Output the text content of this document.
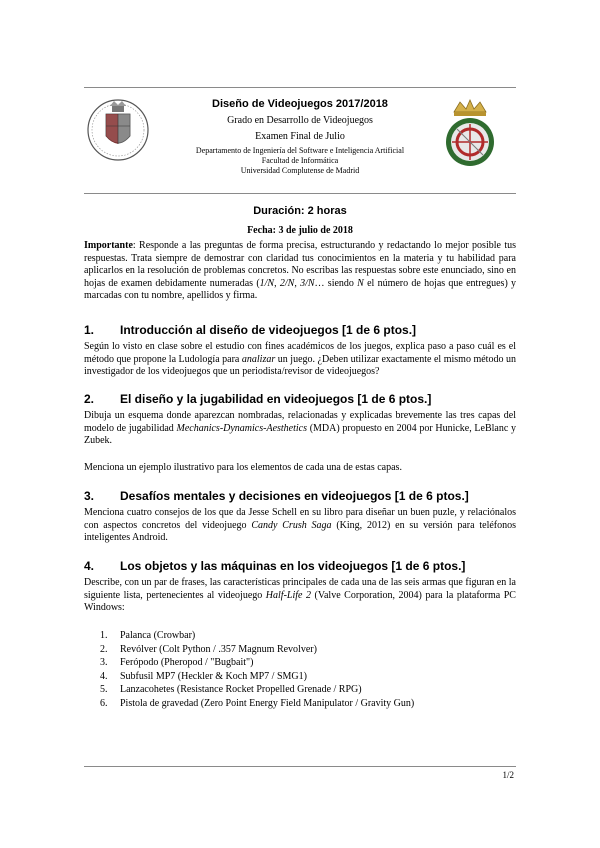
Diseño de Videojuegos 2017/2018
Grado en Desarrollo de Videojuegos
Examen Final de Julio
Departamento de Ingeniería del Software e Inteligencia Artificial
Facultad de Informática
Universidad Complutense de Madrid
Duración: 2 horas
Fecha: 3 de julio de 2018
Importante: Responde a las preguntas de forma precisa, estructurando y redactando lo mejor posible tus respuestas. Trata siempre de demostrar con claridad tus conocimientos en la materia y tu habilidad para aplicarlos en la resolución de problemas concretos. No escribas las respuestas sobre este enunciado, sino en hojas de examen debidamente numeradas (1/N, 2/N, 3/N… siendo N el número de hojas que entregues) y marcadas con tu nombre, apellidos y firma.
1. Introducción al diseño de videojuegos [1 de 6 ptos.]
Según lo visto en clase sobre el estudio con fines académicos de los juegos, explica paso a paso cuál es el método que propone la Ludología para analizar un juego. ¿Deben utilizar exactamente el mismo método un investigador de los videojuegos que un periodista/revisor de videojuegos?
2. El diseño y la jugabilidad en videojuegos [1 de 6 ptos.]
Dibuja un esquema donde aparezcan nombradas, relacionadas y explicadas brevemente las tres capas del modelo de jugabilidad Mechanics-Dynamics-Aesthetics (MDA) propuesto en 2004 por Hunicke, LeBlanc y Zubek.
Menciona un ejemplo ilustrativo para los elementos de cada una de estas capas.
3. Desafíos mentales y decisiones en videojuegos [1 de 6 ptos.]
Menciona cuatro consejos de los que da Jesse Schell en su libro para diseñar un buen puzle, y relaciónalos con aspectos concretos del videojuego Candy Crush Saga (King, 2012) en su versión para teléfonos inteligentes Android.
4. Los objetos y las máquinas en los videojuegos [1 de 6 ptos.]
Describe, con un par de frases, las características principales de cada una de las seis armas que figuran en la siguiente lista, pertenecientes al videojuego Half-Life 2 (Valve Corporation, 2004) para la plataforma PC Windows:
1. Palanca (Crowbar)
2. Revólver (Colt Python / .357 Magnum Revolver)
3. Ferópodo (Pheropod / "Bugbait")
4. Subfusil MP7 (Heckler & Koch MP7 / SMG1)
5. Lanzacohetes (Resistance Rocket Propelled Grenade / RPG)
6. Pistola de gravedad (Zero Point Energy Field Manipulator / Gravity Gun)
1/2
